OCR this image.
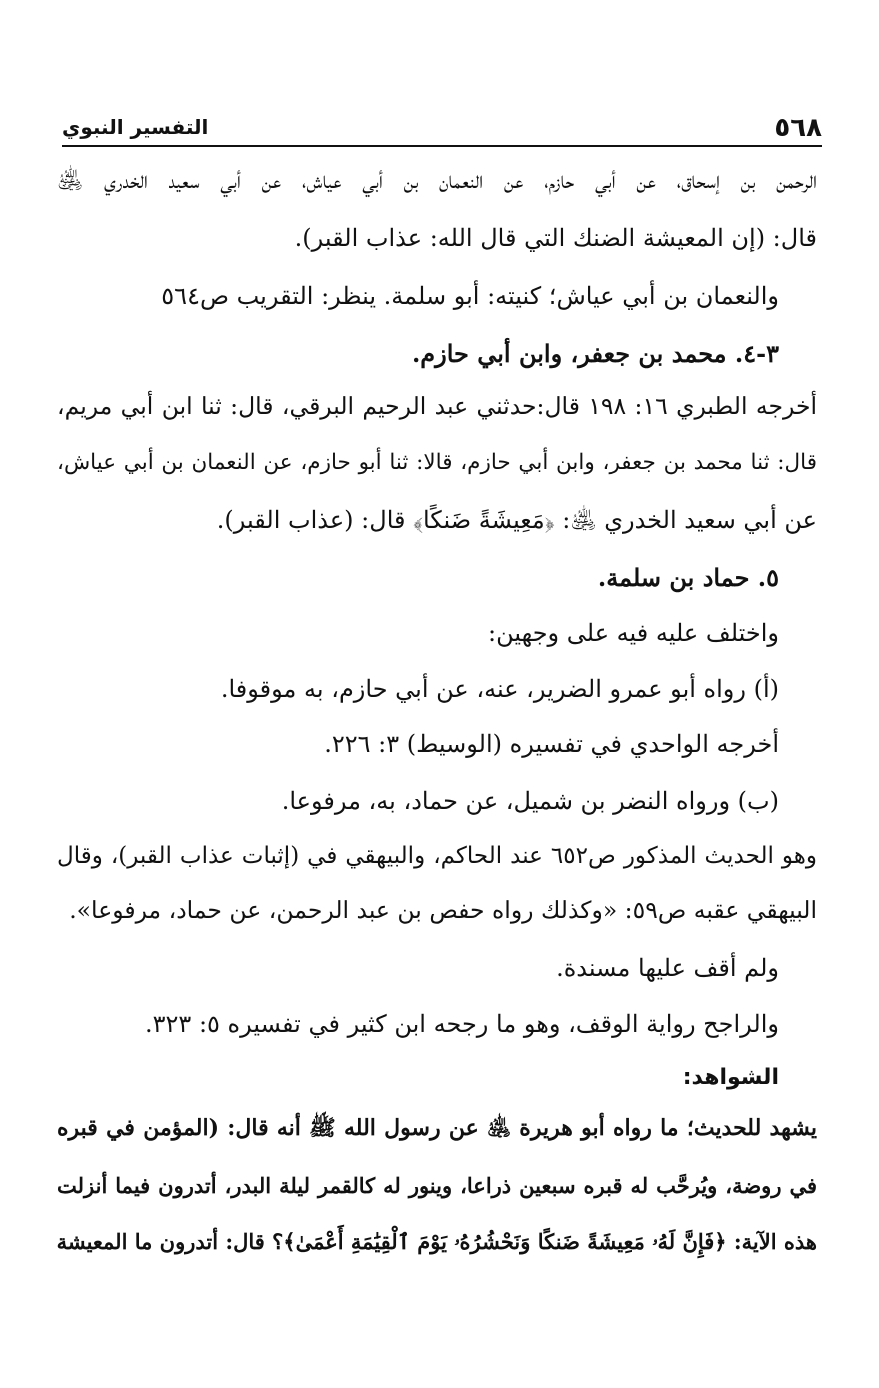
٥٦٨
التفسير النبوي
الرحمن بن إسحاق، عن أبي حازم، عن النعمان بن أبي عياش، عن أبي سعيد الخدري ﵁
قال: (إن المعيشة الضنك التي قال الله: عذاب القبر).
والنعمان بن أبي عياش؛ كنيته: أبو سلمة. ينظر: التقريب ص٥٦٤
٣-٤. محمد بن جعفر، وابن أبي حازم.
أخرجه الطبري ١٦: ١٩٨ قال:حدثني عبد الرحيم البرقي، قال: ثنا ابن أبي مريم،
قال: ثنا محمد بن جعفر، وابن أبي حازم، قالا: ثنا أبو حازم، عن النعمان بن أبي عياش،
عن أبي سعيد الخدري ﵁: ﴿مَعِيشَةً ضَنكًا﴾ قال: (عذاب القبر).
٥. حماد بن سلمة.
واختلف عليه فيه على وجهين:
(أ) رواه أبو عمرو الضرير، عنه، عن أبي حازم، به موقوفا.
أخرجه الواحدي في تفسيره (الوسيط) ٣: ٢٢٦.
(ب) ورواه النضر بن شميل، عن حماد، به، مرفوعا.
وهو الحديث المذكور ص٦٥٢ عند الحاكم، والبيهقي في (إثبات عذاب القبر)، وقال
البيهقي عقبه ص٥٩: «وكذلك رواه حفص بن عبد الرحمن، عن حماد، مرفوعا».
ولم أقف عليها مسندة.
والراجح رواية الوقف، وهو ما رجحه ابن كثير في تفسيره ٥: ٣٢٣.
الشواهد:
يشهد للحديث؛ ما رواه أبو هريرة ﵁ عن رسول الله ﷺ أنه قال: (المؤمن في قبره
في روضة، ويُرحَّب له قبره سبعين ذراعا، وينور له كالقمر ليلة البدر، أتدرون فيما أنزلت
هذه الآية: ﴿فَإِنَّ لَهُۥ مَعِيشَةً ضَنكًا وَنَحْشُرُهُۥ يَوْمَ ٱلْقِيَٰمَةِ أَعْمَىٰ﴾؟ قال: أتدرون ما المعيشة
